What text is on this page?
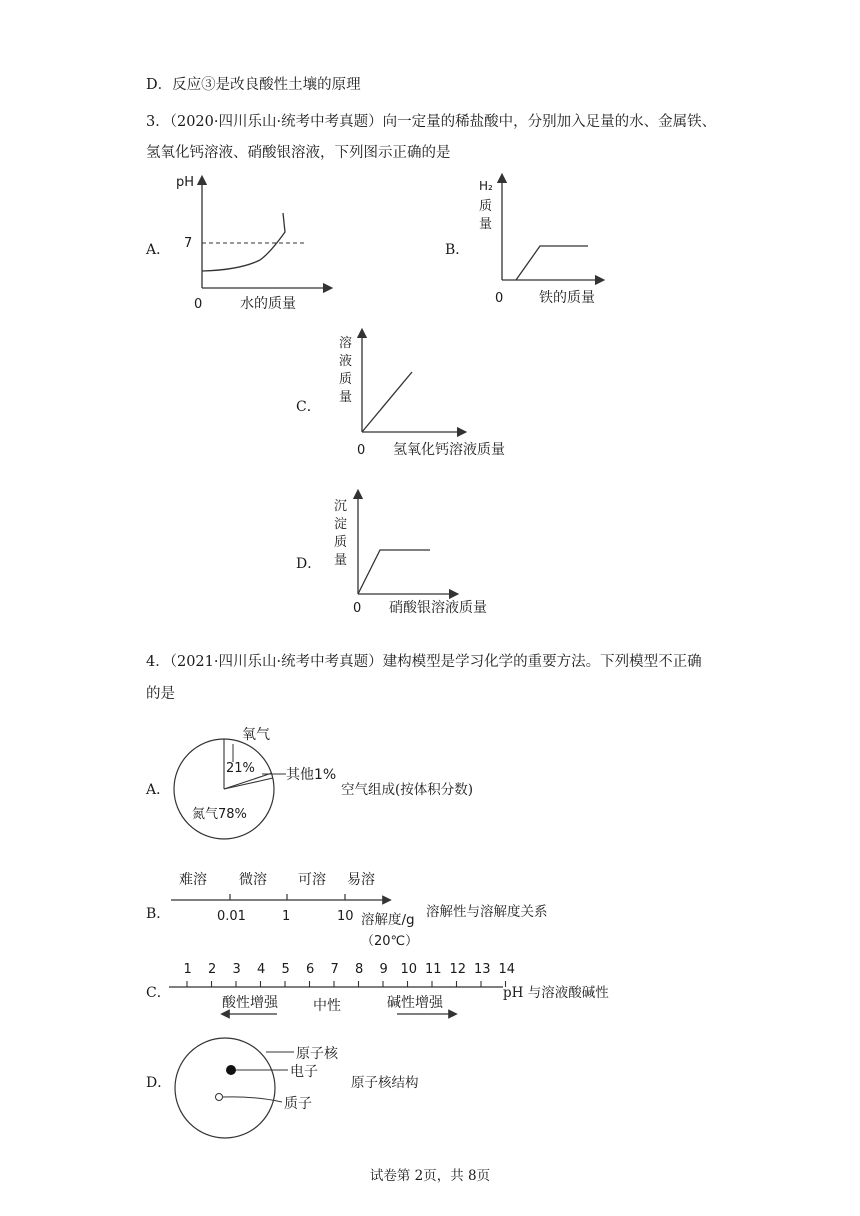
D．反应③是改良酸性土壤的原理
3．（2020·四川乐山·统考中考真题）向一定量的稀盐酸中，分别加入足量的水、金属铁、
氢氧化钙溶液、硝酸银溶液，下列图示正确的是
A．
pH
7
0	水的质量
B．
H₂
质
量
0	铁的质量
C．
溶
液
质
量
0 氢氧化钙溶液质量
D．
沉
淀
质
量
0 硝酸银溶液质量
4．（2021·四川乐山·统考中考真题）建构模型是学习化学的重要方法。下列模型不正确
的是
A．
氧气
21% 其他1%
氮气78%
空气组成(按体积分数)
B．
难溶 微溶 可溶 易溶
0.01	1	10 溶解度/g
（20℃）
溶解性与溶解度关系
C．
1 2 3 4 5 6 7 8 9 10 11 12 13 14
酸性增强	中性	碱性增强
pH 与溶液酸碱性
D．
原子核
电子
质子
原子核结构
试卷第 2页，共 8页
